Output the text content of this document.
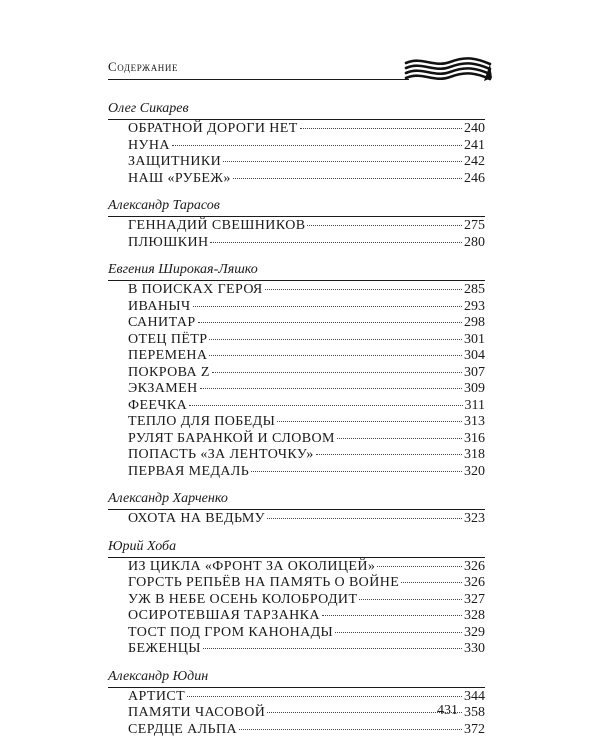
Содержание
Олег Сикарев
ОБРАТНОЙ ДОРОГИ НЕТ	240
НУНА	241
ЗАЩИТНИКИ	242
НАШ «РУБЕЖ»	246
Александр Тарасов
ГЕННАДИЙ СВЕШНИКОВ	275
ПЛЮШКИН	280
Евгения Широкая-Ляшко
В ПОИСКАХ ГЕРОЯ	285
ИВАНЫЧ	293
САНИТАР	298
ОТЕЦ ПЁТР	301
ПЕРЕМЕНА	304
ПОКРОВА Z	307
ЭКЗАМЕН	309
ФЕЕЧКА	311
ТЕПЛО ДЛЯ ПОБЕДЫ	313
РУЛЯТ БАРАНКОЙ И СЛОВОМ	316
ПОПАСТЬ «ЗА ЛЕНТОЧКУ»	318
ПЕРВАЯ МЕДАЛЬ	320
Александр Харченко
ОХОТА НА ВЕДЬМУ	323
Юрий Хоба
ИЗ ЦИКЛА «ФРОНТ ЗА ОКОЛИЦЕЙ»	326
ГОРСТЬ РЕПЬЁВ НА ПАМЯТЬ О ВОЙНЕ	326
УЖ В НЕБЕ ОСЕНЬ КОЛОБРОДИТ	327
ОСИРОТЕВШАЯ ТАРЗАНКА	328
ТОСТ ПОД ГРОМ КАНОНАДЫ	329
БЕЖЕНЦЫ	330
Александр Юдин
АРТИСТ	344
ПАМЯТИ ЧАСОВОЙ	358
СЕРДЦЕ АЛЬПА	372
431
